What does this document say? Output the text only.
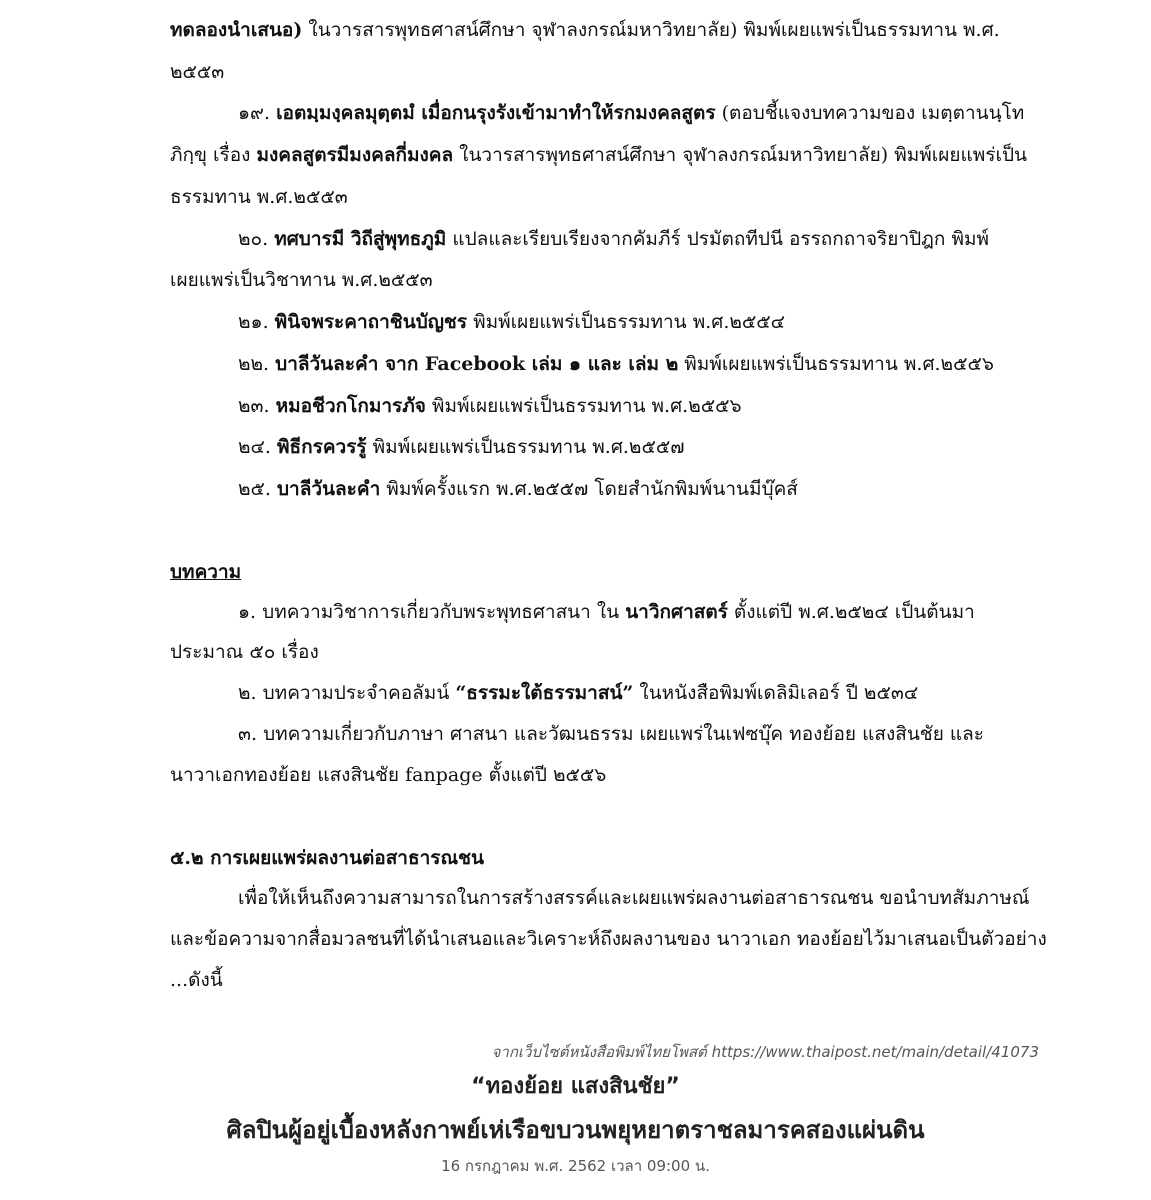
ทดลองนำเสนอ) ในวารสารพุทธศาสน์ศึกษา จุฬาลงกรณ์มหาวิทยาลัย) พิมพ์เผยแพร่เป็นธรรมทาน พ.ศ.
๒๕๕๓
๑๙. เอตมฺมงฺคลมุตฺตมํ เมื่อกนรุงรังเข้ามาทำให้รกมงคลสูตร (ตอบชี้แจงบทความของ เมตฺตานนฺโท
ภิกฺขุ เรื่อง มงคลสูตรมีมงคลกี่มงคล ในวารสารพุทธศาสน์ศึกษา จุฬาลงกรณ์มหาวิทยาลัย) พิมพ์เผยแพร่เป็น
ธรรมทาน พ.ศ.๒๕๕๓
๒๐. ทศบารมี วิถีสู่พุทธภูมิ แปลและเรียบเรียงจากคัมภีร์ ปรมัตถทีปนี อรรถกถาจริยาปิฎก พิมพ์
เผยแพร่เป็นวิชาทาน พ.ศ.๒๕๕๓
๒๑. พินิจพระคาถาชินบัญชร พิมพ์เผยแพร่เป็นธรรมทาน พ.ศ.๒๕๕๔
๒๒. บาลีวันละคำ จาก Facebook เล่ม ๑ และ เล่ม ๒ พิมพ์เผยแพร่เป็นธรรมทาน พ.ศ.๒๕๕๖
๒๓. หมอชีวกโกมารภัจ พิมพ์เผยแพร่เป็นธรรมทาน พ.ศ.๒๕๕๖
๒๔. พิธีกรควรรู้ พิมพ์เผยแพร่เป็นธรรมทาน พ.ศ.๒๕๕๗
๒๕. บาลีวันละคำ พิมพ์ครั้งแรก พ.ศ.๒๕๕๗ โดยสำนักพิมพ์นานมีบุ๊คส์
บทความ
๑. บทความวิชาการเกี่ยวกับพระพุทธศาสนา ใน นาวิกศาสตร์ ตั้งแต่ปี พ.ศ.๒๕๒๔ เป็นต้นมา
ประมาณ ๕๐ เรื่อง
๒. บทความประจำคอลัมน์ “ธรรมะใต้ธรรมาสน์” ในหนังสือพิมพ์เดลิมิเลอร์ ปี ๒๕๓๔
๓. บทความเกี่ยวกับภาษา ศาสนา และวัฒนธรรม เผยแพร่ในเฟซบุ๊ค ทองย้อย แสงสินชัย และ
นาวาเอกทองย้อย แสงสินชัย fanpage ตั้งแต่ปี ๒๕๕๖
๕.๒ การเผยแพร่ผลงานต่อสาธารณชน
เพื่อให้เห็นถึงความสามารถในการสร้างสรรค์และเผยแพร่ผลงานต่อสาธารณชน ขอนำบทสัมภาษณ์
และข้อความจากสื่อมวลชนที่ได้นำเสนอและวิเคราะห์ถึงผลงานของ นาวาเอก ทองย้อยไว้มาเสนอเป็นตัวอย่าง
...ดังนี้
จากเว็บไซต์หนังสือพิมพ์ไทยโพสต์ https://www.thaipost.net/main/detail/41073
“ทองย้อย แสงสินชัย”
ศิลปินผู้อยู่เบื้องหลังกาพย์เห่เรือขบวนพยุหยาตราชลมารคสองแผ่นดิน
16 กรกฎาคม พ.ศ. 2562 เวลา 09:00 น.
